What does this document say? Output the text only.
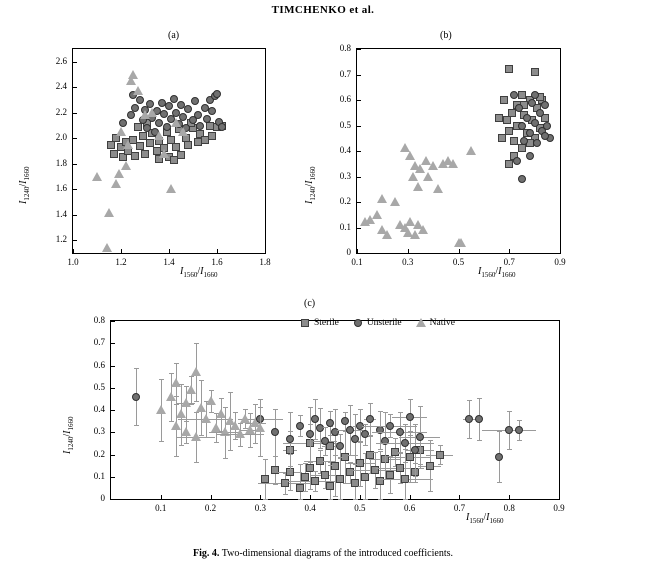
TIMCHENKO et al.
(a)
1.2
1.4
1.6
1.8
2.0
2.2
2.4
2.6
1.0	1.2	1.4	1.6	1.8
$I_{1240}/I_{1660}$
$I_{1560}/I_{1660}$
(b)
0
0.1
0.2
0.3
0.4
0.5
0.6
0.7
0.8
0.1	0.3	0.5	0.7	0.9
$I_{1240}/I_{1660}$
$I_{1560}/I_{1660}$
(c)
0
0.1
0.2
0.3
0.4
0.5
0.6
0.7
0.8
0.1	0.2	0.3	0.4	0.5	0.6	0.7	0.8	0.9
$I_{1240}/I_{1660}$
$I_{1560}/I_{1660}$
Sterile	Unsterile	Native
Fig. 4. Two-dimensional diagrams of the introduced coefficients.
